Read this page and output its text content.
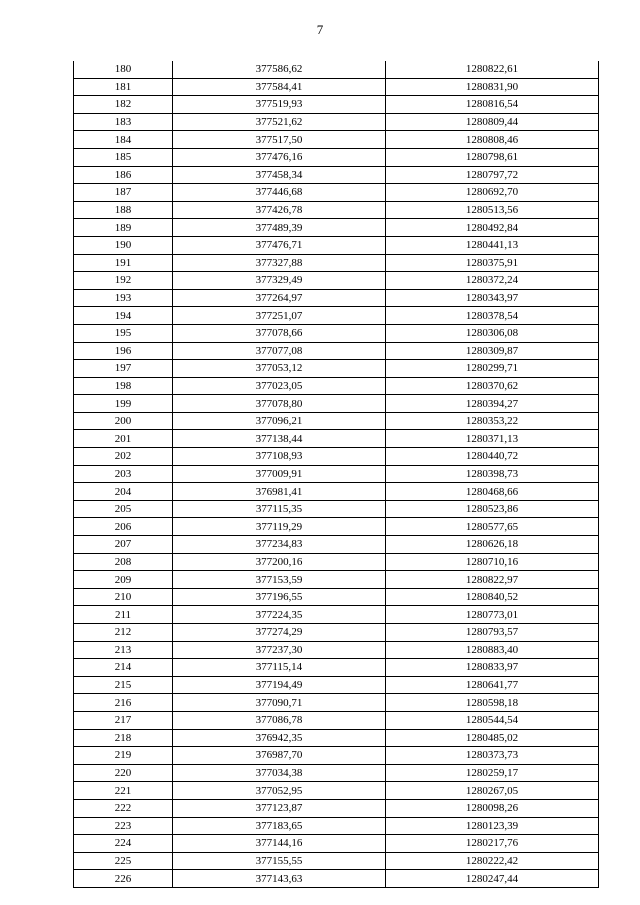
7
180	377586,62	1280822,61
181	377584,41	1280831,90
182	377519,93	1280816,54
183	377521,62	1280809,44
184	377517,50	1280808,46
185	377476,16	1280798,61
186	377458,34	1280797,72
187	377446,68	1280692,70
188	377426,78	1280513,56
189	377489,39	1280492,84
190	377476,71	1280441,13
191	377327,88	1280375,91
192	377329,49	1280372,24
193	377264,97	1280343,97
194	377251,07	1280378,54
195	377078,66	1280306,08
196	377077,08	1280309,87
197	377053,12	1280299,71
198	377023,05	1280370,62
199	377078,80	1280394,27
200	377096,21	1280353,22
201	377138,44	1280371,13
202	377108,93	1280440,72
203	377009,91	1280398,73
204	376981,41	1280468,66
205	377115,35	1280523,86
206	377119,29	1280577,65
207	377234,83	1280626,18
208	377200,16	1280710,16
209	377153,59	1280822,97
210	377196,55	1280840,52
211	377224,35	1280773,01
212	377274,29	1280793,57
213	377237,30	1280883,40
214	377115,14	1280833,97
215	377194,49	1280641,77
216	377090,71	1280598,18
217	377086,78	1280544,54
218	376942,35	1280485,02
219	376987,70	1280373,73
220	377034,38	1280259,17
221	377052,95	1280267,05
222	377123,87	1280098,26
223	377183,65	1280123,39
224	377144,16	1280217,76
225	377155,55	1280222,42
226	377143,63	1280247,44
